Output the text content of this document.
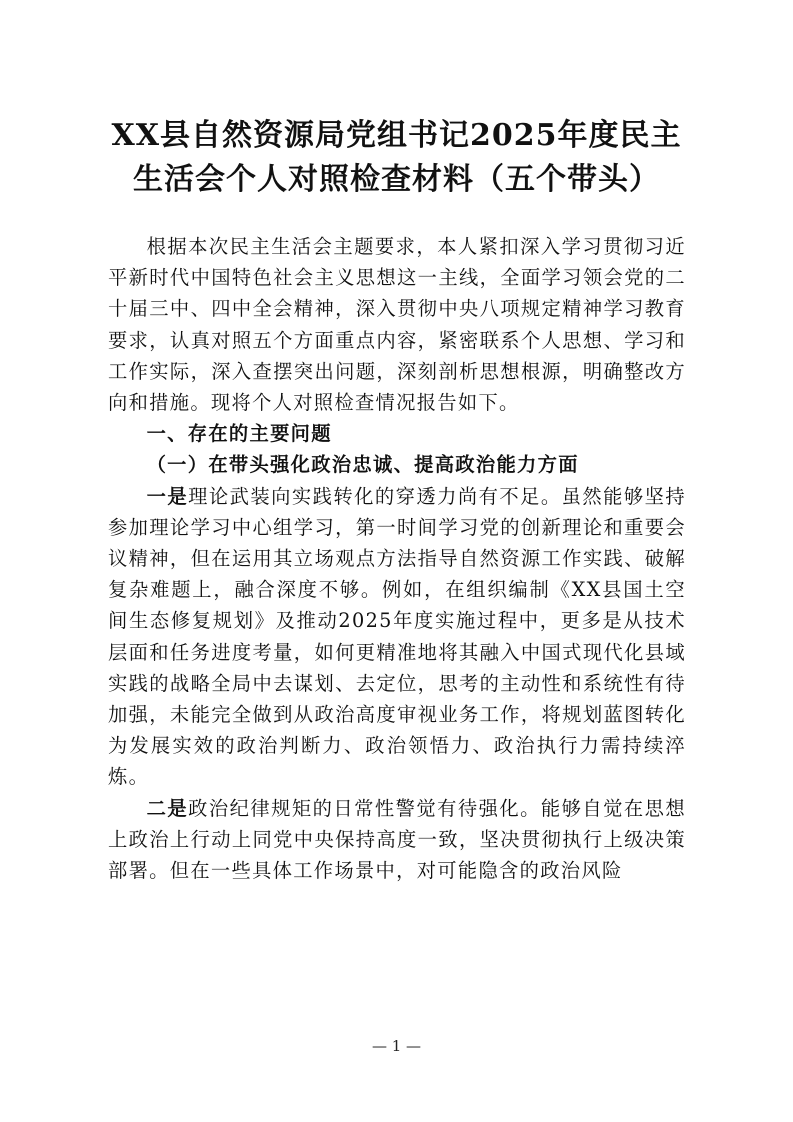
XX县自然资源局党组书记2025年度民主
生活会个人对照检查材料（五个带头）

根据本次民主生活会主题要求，本人紧扣深入学习贯彻习近平新时代中国特色社会主义思想这一主线，全面学习领会党的二十届三中、四中全会精神，深入贯彻中央八项规定精神学习教育要求，认真对照五个方面重点内容，紧密联系个人思想、学习和工作实际，深入查摆突出问题，深刻剖析思想根源，明确整改方向和措施。现将个人对照检查情况报告如下。

一、存在的主要问题

（一）在带头强化政治忠诚、提高政治能力方面

一是理论武装向实践转化的穿透力尚有不足。虽然能够坚持参加理论学习中心组学习，第一时间学习党的创新理论和重要会议精神，但在运用其立场观点方法指导自然资源工作实践、破解复杂难题上，融合深度不够。例如，在组织编制《XX县国土空间生态修复规划》及推动2025年度实施过程中，更多是从技术层面和任务进度考量，如何更精准地将其融入中国式现代化县域实践的战略全局中去谋划、去定位，思考的主动性和系统性有待加强，未能完全做到从政治高度审视业务工作，将规划蓝图转化为发展实效的政治判断力、政治领悟力、政治执行力需持续淬炼。

二是政治纪律规矩的日常性警觉有待强化。能够自觉在思想上政治上行动上同党中央保持高度一致，坚决贯彻执行上级决策部署。但在一些具体工作场景中，对可能隐含的政治风险

— 1 —
